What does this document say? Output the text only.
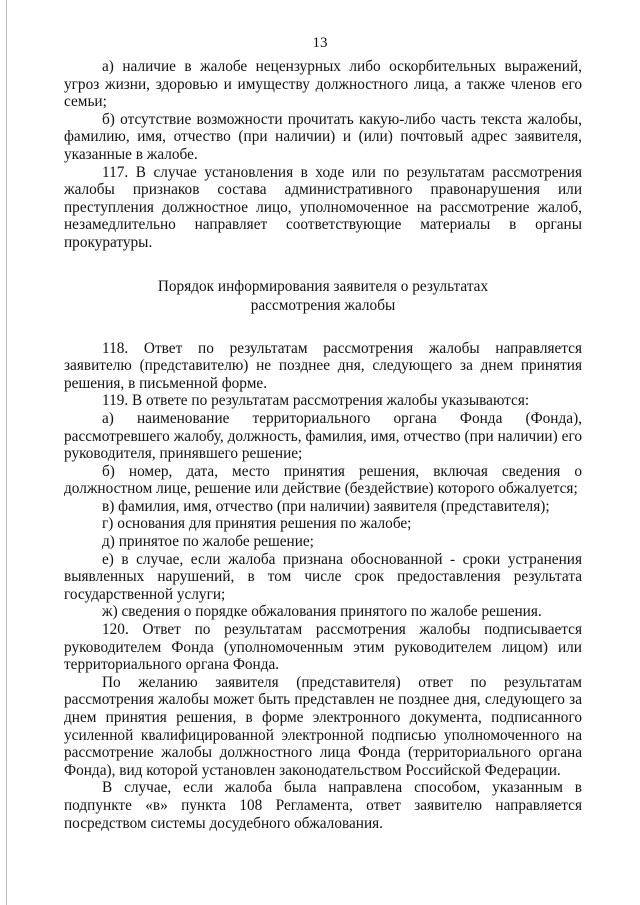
13

а) наличие в жалобе нецензурных либо оскорбительных выражений, угроз жизни, здоровью и имуществу должностного лица, а также членов его семьи;

б) отсутствие возможности прочитать какую-либо часть текста жалобы, фамилию, имя, отчество (при наличии) и (или) почтовый адрес заявителя, указанные в жалобе.

117. В случае установления в ходе или по результатам рассмотрения жалобы признаков состава административного правонарушения или преступления должностное лицо, уполномоченное на рассмотрение жалоб, незамедлительно направляет соответствующие материалы в органы прокуратуры.

Порядок информирования заявителя о результатах
рассмотрения жалобы

118. Ответ по результатам рассмотрения жалобы направляется заявителю (представителю) не позднее дня, следующего за днем принятия решения, в письменной форме.

119. В ответе по результатам рассмотрения жалобы указываются:

а) наименование территориального органа Фонда (Фонда), рассмотревшего жалобу, должность, фамилия, имя, отчество (при наличии) его руководителя, принявшего решение;

б) номер, дата, место принятия решения, включая сведения о должностном лице, решение или действие (бездействие) которого обжалуется;

в) фамилия, имя, отчество (при наличии) заявителя (представителя);

г) основания для принятия решения по жалобе;

д) принятое по жалобе решение;

е) в случае, если жалоба признана обоснованной - сроки устранения выявленных нарушений, в том числе срок предоставления результата государственной услуги;

ж) сведения о порядке обжалования принятого по жалобе решения.

120. Ответ по результатам рассмотрения жалобы подписывается руководителем Фонда (уполномоченным этим руководителем лицом) или территориального органа Фонда.

По желанию заявителя (представителя) ответ по результатам рассмотрения жалобы может быть представлен не позднее дня, следующего за днем принятия решения, в форме электронного документа, подписанного усиленной квалифицированной электронной подписью уполномоченного на рассмотрение жалобы должностного лица Фонда (территориального органа Фонда), вид которой установлен законодательством Российской Федерации.

В случае, если жалоба была направлена способом, указанным в подпункте «в» пункта 108 Регламента, ответ заявителю направляется посредством системы досудебного обжалования.
